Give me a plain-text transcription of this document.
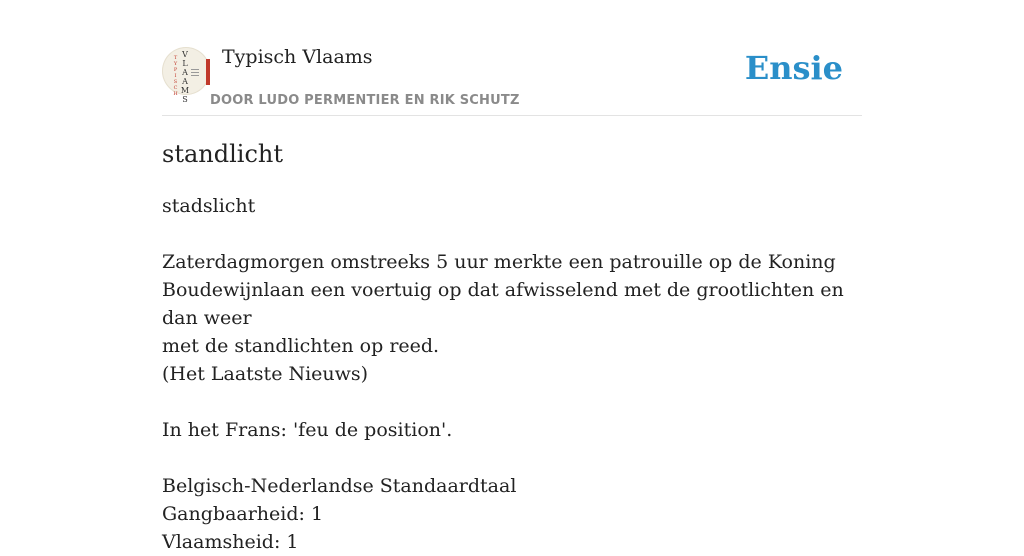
V
L
A
A
M
S
T
Y
P
I
S
C
H
Typisch Vlaams
DOOR LUDO PERMENTIER EN RIK SCHUTZ
Ensie
standlicht

stadslicht

Zaterdagmorgen omstreeks 5 uur merkte een patrouille op de Koning

Boudewijnlaan een voertuig op dat afwisselend met de grootlichten en dan weer

met de standlichten op reed.

(Het Laatste Nieuws)

In het Frans: 'feu de position'.

Belgisch-Nederlandse Standaardtaal

Gangbaarheid: 1

Vlaamsheid: 1
